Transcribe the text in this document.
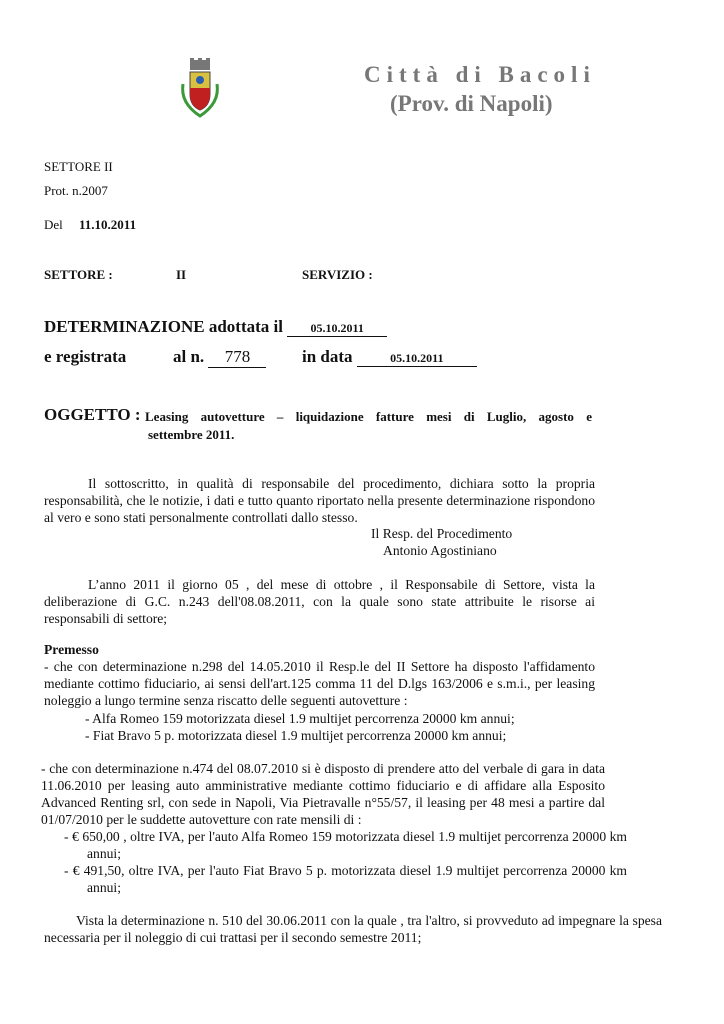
Città di Bacoli
(Prov. di Napoli)
SETTORE II
Prot. n.2007
Del 11.10.2011
SETTORE :	II	SERVIZIO :
DETERMINAZIONE adottata il 05.10.2011
e registrata	al n. 778	in data	05.10.2011
OGGETTO : Leasing autovetture – liquidazione fatture mesi di Luglio, agosto e
settembre 2011.
Il sottoscritto, in qualità di responsabile del procedimento, dichiara sotto la propria responsabilità, che le notizie, i dati e tutto quanto riportato nella presente determinazione rispondono al vero e sono stati personalmente controllati dallo stesso.
Il Resp. del Procedimento
Antonio Agostiniano
L’anno 2011 il giorno 05 , del mese di ottobre , il Responsabile di Settore, vista la deliberazione di G.C. n.243 dell'08.08.2011, con la quale sono state attribuite le risorse ai responsabili di settore;
Premesso
- che con determinazione n.298 del 14.05.2010 il Resp.le del II Settore ha disposto l'affidamento mediante cottimo fiduciario, ai sensi dell'art.125 comma 11 del D.lgs 163/2006 e s.m.i., per leasing noleggio a lungo termine senza riscatto delle seguenti autovetture :
- Alfa Romeo 159 motorizzata diesel 1.9 multijet percorrenza 20000 km annui;
- Fiat Bravo 5 p. motorizzata diesel 1.9 multijet percorrenza 20000 km annui;
- che con determinazione n.474 del 08.07.2010 si è disposto di prendere atto del verbale di gara in data 11.06.2010 per leasing auto amministrative mediante cottimo fiduciario e di affidare alla Esposito Advanced Renting srl, con sede in Napoli, Via Pietravalle n°55/57, il leasing per 48 mesi a partire dal 01/07/2010 per le suddette autovetture con rate mensili di :
- € 650,00 , oltre IVA, per l'auto Alfa Romeo 159 motorizzata diesel 1.9 multijet percorrenza 20000 km annui;
- € 491,50, oltre IVA, per l'auto Fiat Bravo 5 p. motorizzata diesel 1.9 multijet percorrenza 20000 km annui;
Vista la determinazione n. 510 del 30.06.2011 con la quale , tra l'altro, si provveduto ad impegnare la spesa necessaria per il noleggio di cui trattasi per il secondo semestre 2011;
